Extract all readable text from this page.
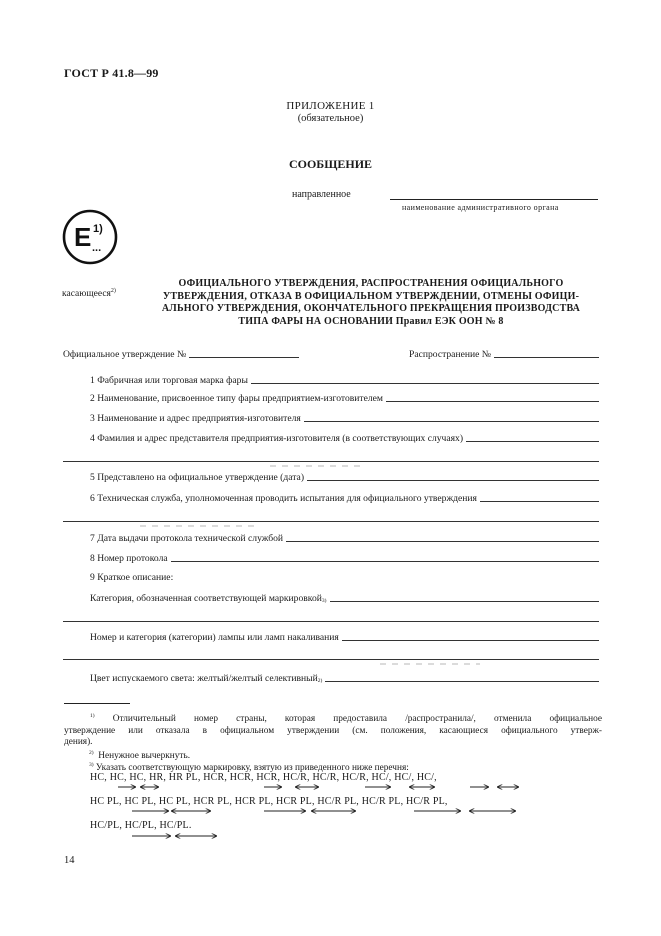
ГОСТ Р 41.8—99
ПРИЛОЖЕНИЕ 1
(обязательное)
СООБЩЕНИЕ
направленное
наименование административного органа
E 1)
...
касающееся$^{2)}$
ОФИЦИАЛЬНОГО УТВЕРЖДЕНИЯ, РАСПРОСТРАНЕНИЯ ОФИЦИАЛЬНОГО
УТВЕРЖДЕНИЯ, ОТКАЗА В ОФИЦИАЛЬНОМ УТВЕРЖДЕНИИ, ОТМЕНЫ ОФИЦИ-
АЛЬНОГО УТВЕРЖДЕНИЯ, ОКОНЧАТЕЛЬНОГО ПРЕКРАЩЕНИЯ ПРОИЗВОДСТВА
ТИПА ФАРЫ НА ОСНОВАНИИ Правил ЕЭК ООН № 8
Официальное утверждение №	Распространение №
1 Фабричная или торговая марка фары
2 Наименование, присвоенное типу фары предприятием-изготовителем
3 Наименование и адрес предприятия-изготовителя
4 Фамилия и адрес представителя предприятия-изготовителя (в соответствующих случаях)
5 Представлено на официальное утверждение (дата)
6 Техническая служба, уполномоченная проводить испытания для официального утверждения
7 Дата выдачи протокола технической службой
8 Номер протокола
9 Краткое описание:
Категория, обозначенная соответствующей маркировкой$_{3)}$
Номер и категория (категории) лампы или ламп накаливания
Цвет испускаемого света: желтый/желтый селективный$_{2)}$
$^{1)}$ Отличительный номер страны, которая предоставила /распространила/, отменила официальное
утверждение или отказала в официальном утверждении (см. положения, касающиеся официального утверж-
дения).
$^{2)}$ Ненужное вычеркнуть.
$^{3)}$ Указать соответствующую маркировку, взятую из приведенного ниже перечня:
HC, HC, HC, HR, HR PL, HCR, HCR, HCR, HC/R, HC/R, HC/R, HC/, HC/, HC/,
HC PL, HC PL, HC PL, HCR PL, HCR PL, HCR PL, HC/R PL, HC/R PL, HC/R PL,
HC/PL, HC/PL, HC/PL.
14
